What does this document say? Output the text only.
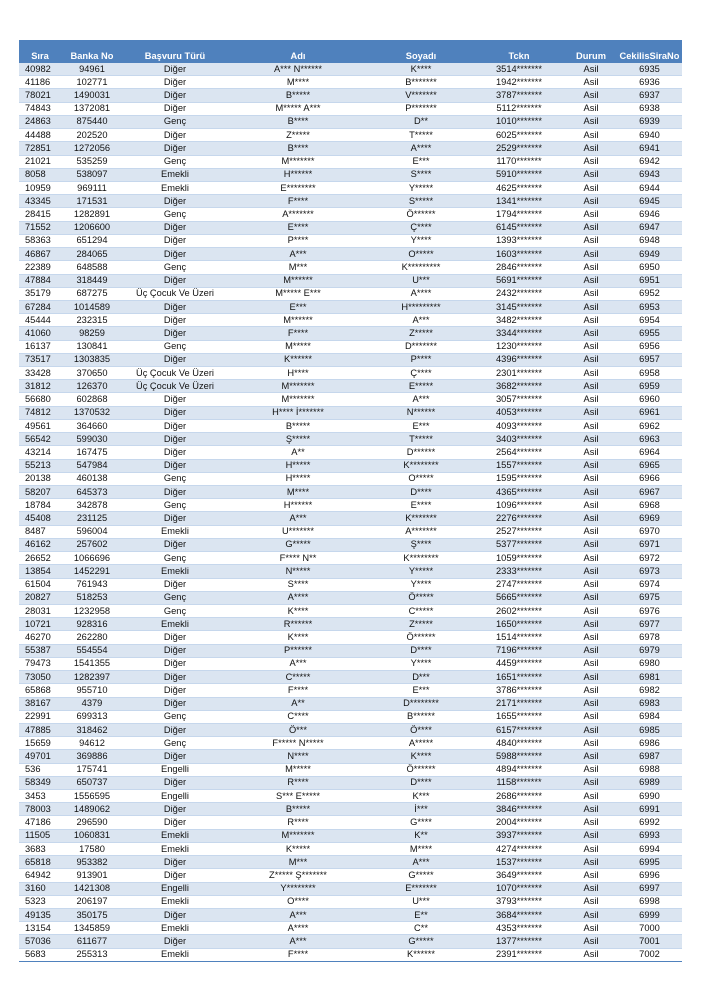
Sıra	Banka No	Başvuru Türü	Adı	Soyadı	Tckn	Durum	CekilisSiraNo
40982	94961	Diğer	A*** N******	K****	3514*******	Asil	6935
41186	102771	Diğer	M****	B*******	1942*******	Asil	6936
78021	1490031	Diğer	B*****	V*******	3787*******	Asil	6937
74843	1372081	Diğer	M***** A***	P*******	5112*******	Asil	6938
24863	875440	Genç	B****	D**	1010*******	Asil	6939
44488	202520	Diğer	Z*****	T*****	6025*******	Asil	6940
72851	1272056	Diğer	B****	A****	2529*******	Asil	6941
21021	535259	Genç	M*******	E***	1170*******	Asil	6942
8058	538097	Emekli	H******	S****	5910*******	Asil	6943
10959	969111	Emekli	E********	Y*****	4625*******	Asil	6944
43345	171531	Diğer	F****	S*****	1341*******	Asil	6945
28415	1282891	Genç	A*******	Ö******	1794*******	Asil	6946
71552	1206600	Diğer	E****	Ç****	6145*******	Asil	6947
58363	651294	Diğer	P****	Y****	1393*******	Asil	6948
46867	284065	Diğer	A***	O*****	1603*******	Asil	6949
22389	648588	Genç	M***	K*********	2846*******	Asil	6950
47884	318449	Diğer	M******	U***	5691*******	Asil	6951
35179	687275	Üç Çocuk Ve Üzeri	M***** E***	A****	2432*******	Asil	6952
67284	1014589	Diğer	E***	H*********	3145*******	Asil	6953
45444	232315	Diğer	M******	A***	3482*******	Asil	6954
41060	98259	Diğer	F****	Z*****	3344*******	Asil	6955
16137	130841	Genç	M*****	D*******	1230*******	Asil	6956
73517	1303835	Diğer	K******	P****	4396*******	Asil	6957
33428	370650	Üç Çocuk Ve Üzeri	H****	Ç****	2301*******	Asil	6958
31812	126370	Üç Çocuk Ve Üzeri	M*******	E*****	3682*******	Asil	6959
56680	602868	Diğer	M*******	A***	3057*******	Asil	6960
74812	1370532	Diğer	H**** İ*******	N******	4053*******	Asil	6961
49561	364660	Diğer	B*****	E***	4093*******	Asil	6962
56542	599030	Diğer	Ş*****	T*****	3403*******	Asil	6963
43214	167475	Diğer	A**	D******	2564*******	Asil	6964
55213	547984	Diğer	H*****	K********	1557*******	Asil	6965
20138	460138	Genç	H*****	O*****	1595*******	Asil	6966
58207	645373	Diğer	M****	D****	4365*******	Asil	6967
18784	342878	Genç	H******	E****	1096*******	Asil	6968
45408	231125	Diğer	A***	K*******	2276*******	Asil	6969
8487	596004	Emekli	U*******	A*******	2527*******	Asil	6970
46162	257602	Diğer	G*****	Ş****	5377*******	Asil	6971
26652	1066696	Genç	F**** N**	K********	1059*******	Asil	6972
13854	1452291	Emekli	N*****	Y*****	2333*******	Asil	6973
61504	761943	Diğer	S****	Y****	2747*******	Asil	6974
20827	518253	Genç	A****	Ö*****	5665*******	Asil	6975
28031	1232958	Genç	K****	C*****	2602*******	Asil	6976
10721	928316	Emekli	R******	Z*****	1650*******	Asil	6977
46270	262280	Diğer	K****	Ö******	1514*******	Asil	6978
55387	554554	Diğer	P******	D****	7196*******	Asil	6979
79473	1541355	Diğer	A***	Y****	4459*******	Asil	6980
73050	1282397	Diğer	C*****	D***	1651*******	Asil	6981
65868	955710	Diğer	F****	E***	3786*******	Asil	6982
38167	4379	Diğer	A**	D********	2171*******	Asil	6983
22991	699313	Genç	C****	B******	1655*******	Asil	6984
47885	318462	Diğer	Ö***	Ö****	6157*******	Asil	6985
15659	94612	Genç	F***** N*****	A*****	4840*******	Asil	6986
49701	369886	Diğer	N****	K****	5988*******	Asil	6987
536	175741	Engelli	M*****	Ö******	4894*******	Asil	6988
58349	650737	Diğer	R****	D****	1158*******	Asil	6989
3453	1556595	Engelli	S*** E*****	K***	2686*******	Asil	6990
78003	1489062	Diğer	B*****	İ***	3846*******	Asil	6991
47186	296590	Diğer	R****	G****	2004*******	Asil	6992
11505	1060831	Emekli	M*******	K**	3937*******	Asil	6993
3683	17580	Emekli	K*****	M****	4274*******	Asil	6994
65818	953382	Diğer	M***	A***	1537*******	Asil	6995
64942	913901	Diğer	Z***** Ş*******	G*****	3649*******	Asil	6996
3160	1421308	Engelli	Y********	E*******	1070*******	Asil	6997
5323	206197	Emekli	O****	U***	3793*******	Asil	6998
49135	350175	Diğer	A***	E**	3684*******	Asil	6999
13154	1345859	Emekli	A****	C**	4353*******	Asil	7000
57036	611677	Diğer	A***	G*****	1377*******	Asil	7001
5683	255313	Emekli	F****	K******	2391*******	Asil	7002
